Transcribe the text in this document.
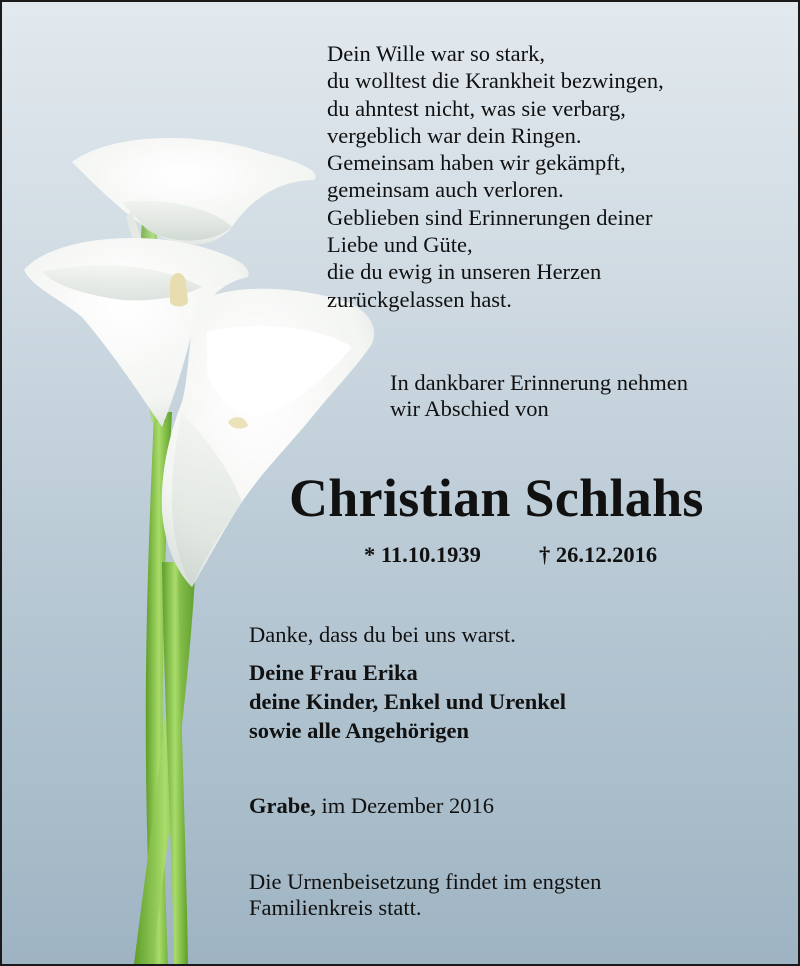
Dein Wille war so stark,
du wolltest die Krankheit bezwingen,
du ahntest nicht, was sie verbarg,
vergeblich war dein Ringen.
Gemeinsam haben wir gekämpft,
gemeinsam auch verloren.
Geblieben sind Erinnerungen deiner
Liebe und Güte,
die du ewig in unseren Herzen
zurückgelassen hast.
In dankbarer Erinnerung nehmen
wir Abschied von
Christian Schlahs
* 11.10.1939	† 26.12.2016
Danke, dass du bei uns warst.
Deine Frau Erika
deine Kinder, Enkel und Urenkel
sowie alle Angehörigen
Grabe, im Dezember 2016
Die Urnenbeisetzung findet im engsten
Familienkreis statt.
